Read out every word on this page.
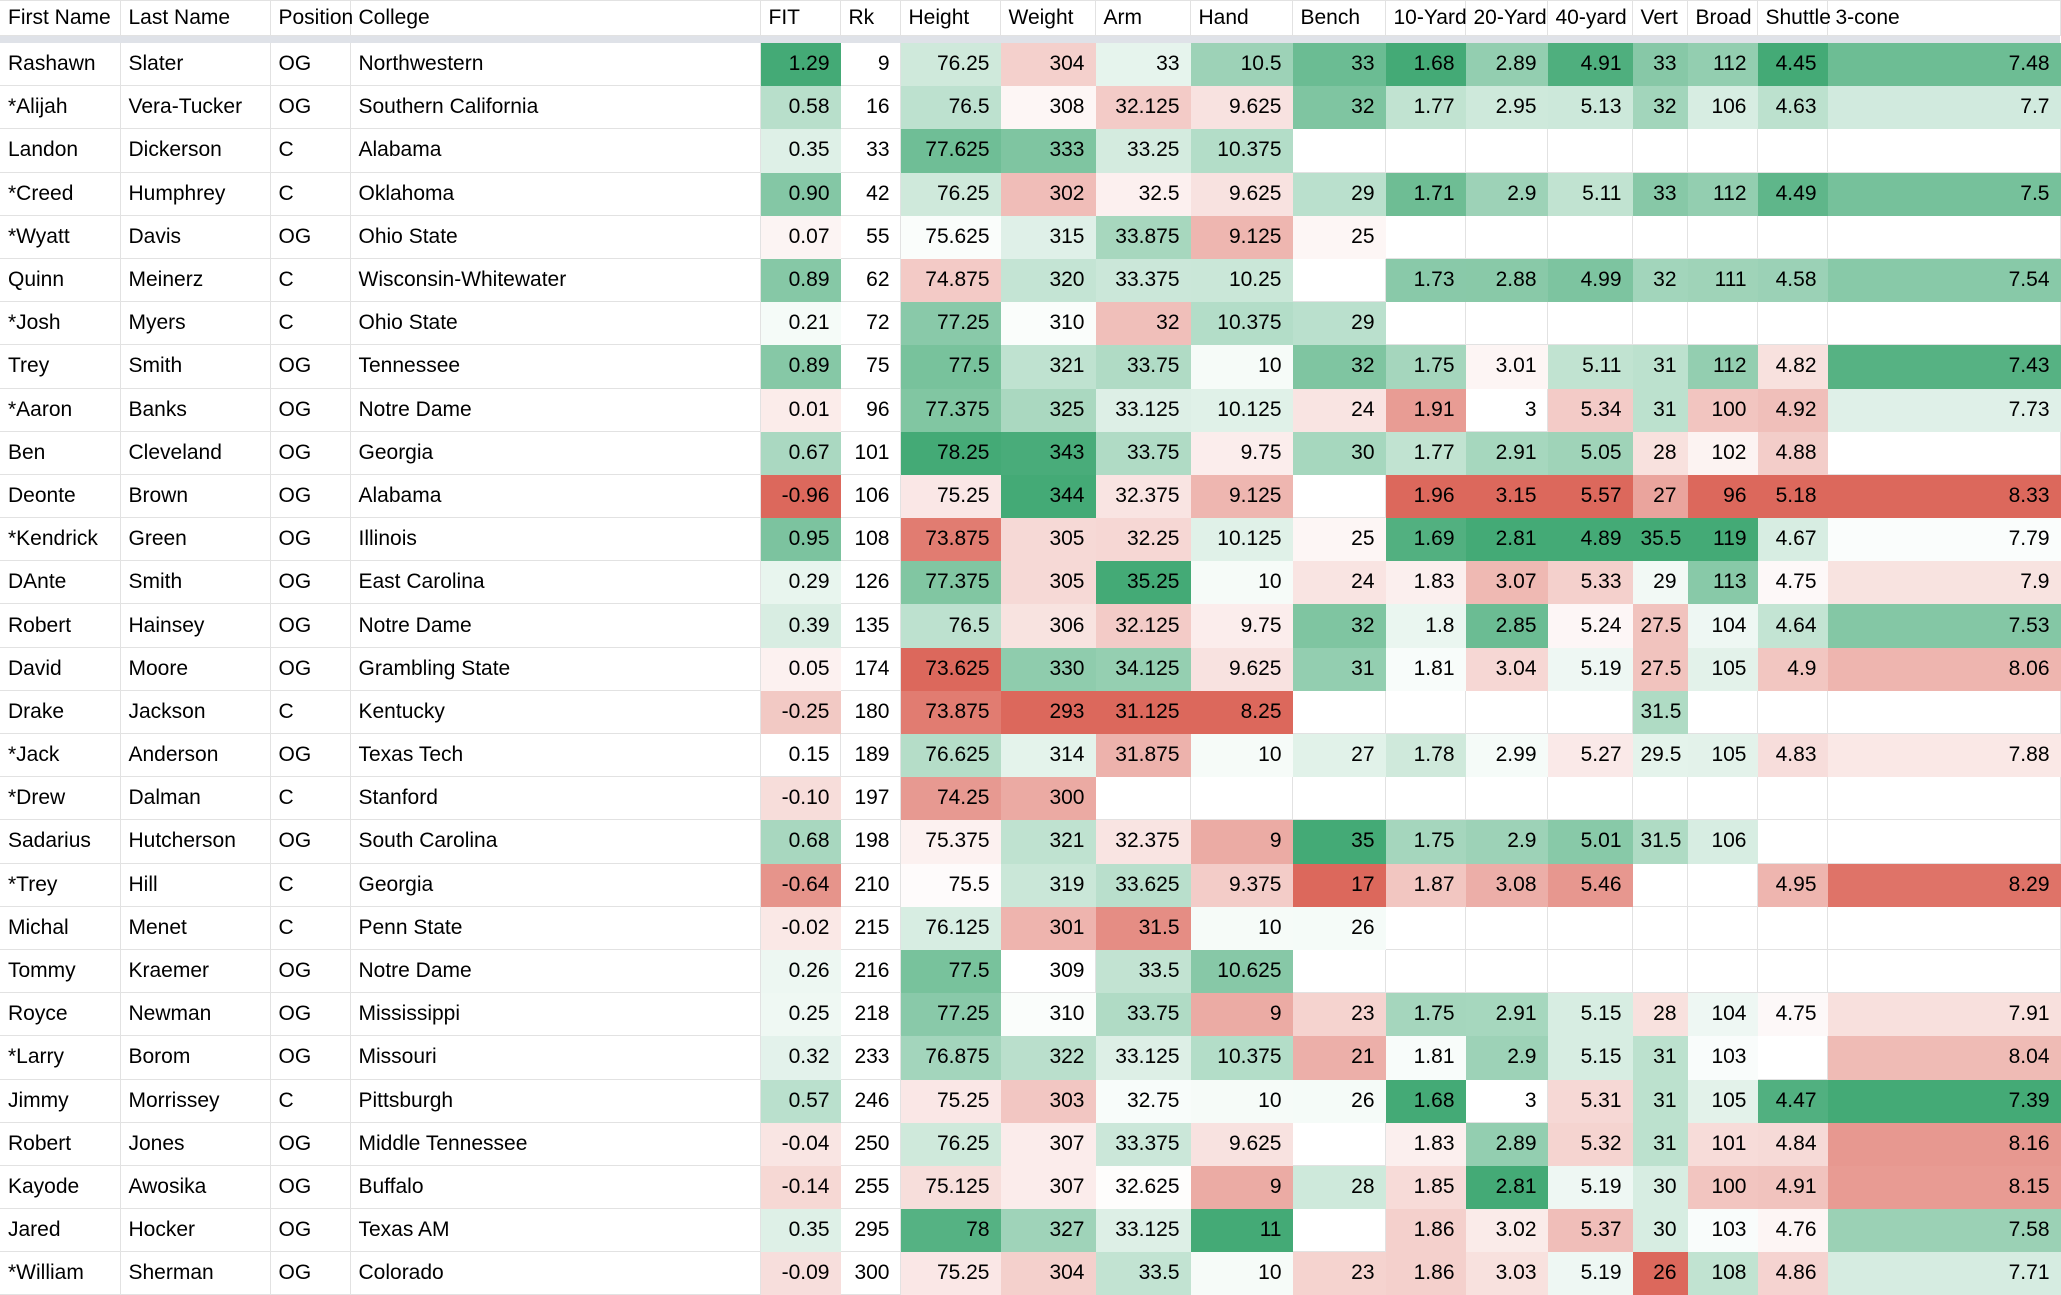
First Name	Last Name	Position	College	FIT	Rk	Height	Weight	Arm	Hand	Bench	10-Yard	20-Yard	40-yard	Vert	Broad	Shuttle	3-cone

Rashawn	Slater	OG	Northwestern	1.29	9	76.25	304	33	10.5	33	1.68	2.89	4.91	33	112	4.45	7.48
*Alijah	Vera-Tucker	OG	Southern California	0.58	16	76.5	308	32.125	9.625	32	1.77	2.95	5.13	32	106	4.63	7.7
Landon	Dickerson	C	Alabama	0.35	33	77.625	333	33.25	10.375								
*Creed	Humphrey	C	Oklahoma	0.90	42	76.25	302	32.5	9.625	29	1.71	2.9	5.11	33	112	4.49	7.5
*Wyatt	Davis	OG	Ohio State	0.07	55	75.625	315	33.875	9.125	25							
Quinn	Meinerz	C	Wisconsin-Whitewater	0.89	62	74.875	320	33.375	10.25		1.73	2.88	4.99	32	111	4.58	7.54
*Josh	Myers	C	Ohio State	0.21	72	77.25	310	32	10.375	29							
Trey	Smith	OG	Tennessee	0.89	75	77.5	321	33.75	10	32	1.75	3.01	5.11	31	112	4.82	7.43
*Aaron	Banks	OG	Notre Dame	0.01	96	77.375	325	33.125	10.125	24	1.91	3	5.34	31	100	4.92	7.73
Ben	Cleveland	OG	Georgia	0.67	101	78.25	343	33.75	9.75	30	1.77	2.91	5.05	28	102	4.88	
Deonte	Brown	OG	Alabama	-0.96	106	75.25	344	32.375	9.125		1.96	3.15	5.57	27	96	5.18	8.33
*Kendrick	Green	OG	Illinois	0.95	108	73.875	305	32.25	10.125	25	1.69	2.81	4.89	35.5	119	4.67	7.79
DAnte	Smith	OG	East Carolina	0.29	126	77.375	305	35.25	10	24	1.83	3.07	5.33	29	113	4.75	7.9
Robert	Hainsey	OG	Notre Dame	0.39	135	76.5	306	32.125	9.75	32	1.8	2.85	5.24	27.5	104	4.64	7.53
David	Moore	OG	Grambling State	0.05	174	73.625	330	34.125	9.625	31	1.81	3.04	5.19	27.5	105	4.9	8.06
Drake	Jackson	C	Kentucky	-0.25	180	73.875	293	31.125	8.25					31.5			
*Jack	Anderson	OG	Texas Tech	0.15	189	76.625	314	31.875	10	27	1.78	2.99	5.27	29.5	105	4.83	7.88
*Drew	Dalman	C	Stanford	-0.10	197	74.25	300										
Sadarius	Hutcherson	OG	South Carolina	0.68	198	75.375	321	32.375	9	35	1.75	2.9	5.01	31.5	106		
*Trey	Hill	C	Georgia	-0.64	210	75.5	319	33.625	9.375	17	1.87	3.08	5.46			4.95	8.29
Michal	Menet	C	Penn State	-0.02	215	76.125	301	31.5	10	26							
Tommy	Kraemer	OG	Notre Dame	0.26	216	77.5	309	33.5	10.625								
Royce	Newman	OG	Mississippi	0.25	218	77.25	310	33.75	9	23	1.75	2.91	5.15	28	104	4.75	7.91
*Larry	Borom	OG	Missouri	0.32	233	76.875	322	33.125	10.375	21	1.81	2.9	5.15	31	103		8.04
Jimmy	Morrissey	C	Pittsburgh	0.57	246	75.25	303	32.75	10	26	1.68	3	5.31	31	105	4.47	7.39
Robert	Jones	OG	Middle Tennessee	-0.04	250	76.25	307	33.375	9.625		1.83	2.89	5.32	31	101	4.84	8.16
Kayode	Awosika	OG	Buffalo	-0.14	255	75.125	307	32.625	9	28	1.85	2.81	5.19	30	100	4.91	8.15
Jared	Hocker	OG	Texas AM	0.35	295	78	327	33.125	11		1.86	3.02	5.37	30	103	4.76	7.58
*William	Sherman	OG	Colorado	-0.09	300	75.25	304	33.5	10	23	1.86	3.03	5.19	26	108	4.86	7.71
